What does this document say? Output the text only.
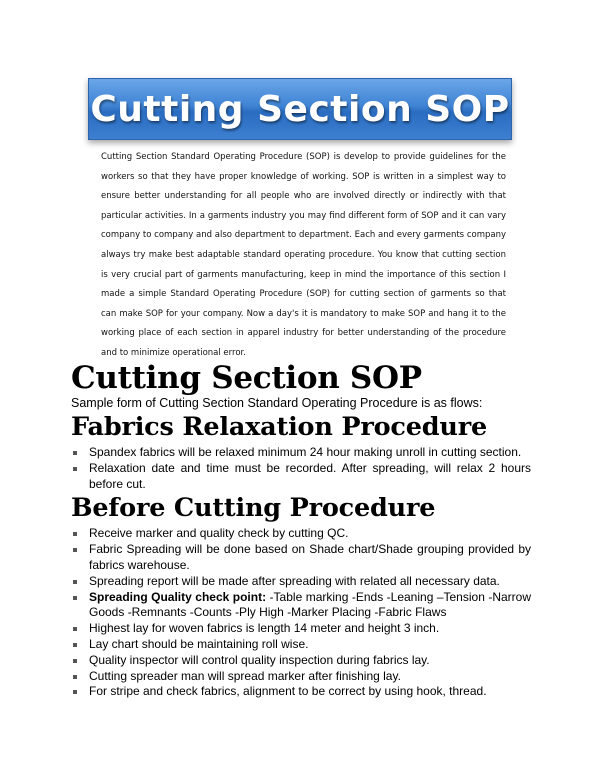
Cutting Section SOP
Cutting Section Standard Operating Procedure (SOP) is develop to provide guidelines for the workers so that they have proper knowledge of working. SOP is written in a simplest way to ensure better understanding for all people who are involved directly or indirectly with that particular activities. In a garments industry you may find different form of SOP and it can vary company to company and also department to department. Each and every garments company always try make best adaptable standard operating procedure. You know that cutting section is very crucial part of garments manufacturing, keep in mind the importance of this section I made a simple Standard Operating Procedure (SOP) for cutting section of garments so that can make SOP for your company. Now a day's it is mandatory to make SOP and hang it to the working place of each section in apparel industry for better understanding of the procedure and to minimize operational error.
Cutting Section SOP

Sample form of Cutting Section Standard Operating Procedure is as flows:

Fabrics Relaxation Procedure
Spandex fabrics will be relaxed minimum 24 hour making unroll in cutting section.
Relaxation date and time must be recorded. After spreading, will relax 2 hours before cut.
Before Cutting Procedure
Receive marker and quality check by cutting QC.
Fabric Spreading will be done based on Shade chart/Shade grouping provided by fabrics warehouse.
Spreading report will be made after spreading with related all necessary data.
Spreading Quality check point: -Table marking -Ends -Leaning –Tension -Narrow Goods -Remnants -Counts -Ply High -Marker Placing -Fabric Flaws
Highest lay for woven fabrics is length 14 meter and height 3 inch.
Lay chart should be maintaining roll wise.
Quality inspector will control quality inspection during fabrics lay.
Cutting spreader man will spread marker after finishing lay.
For stripe and check fabrics, alignment to be correct by using hook, thread.
